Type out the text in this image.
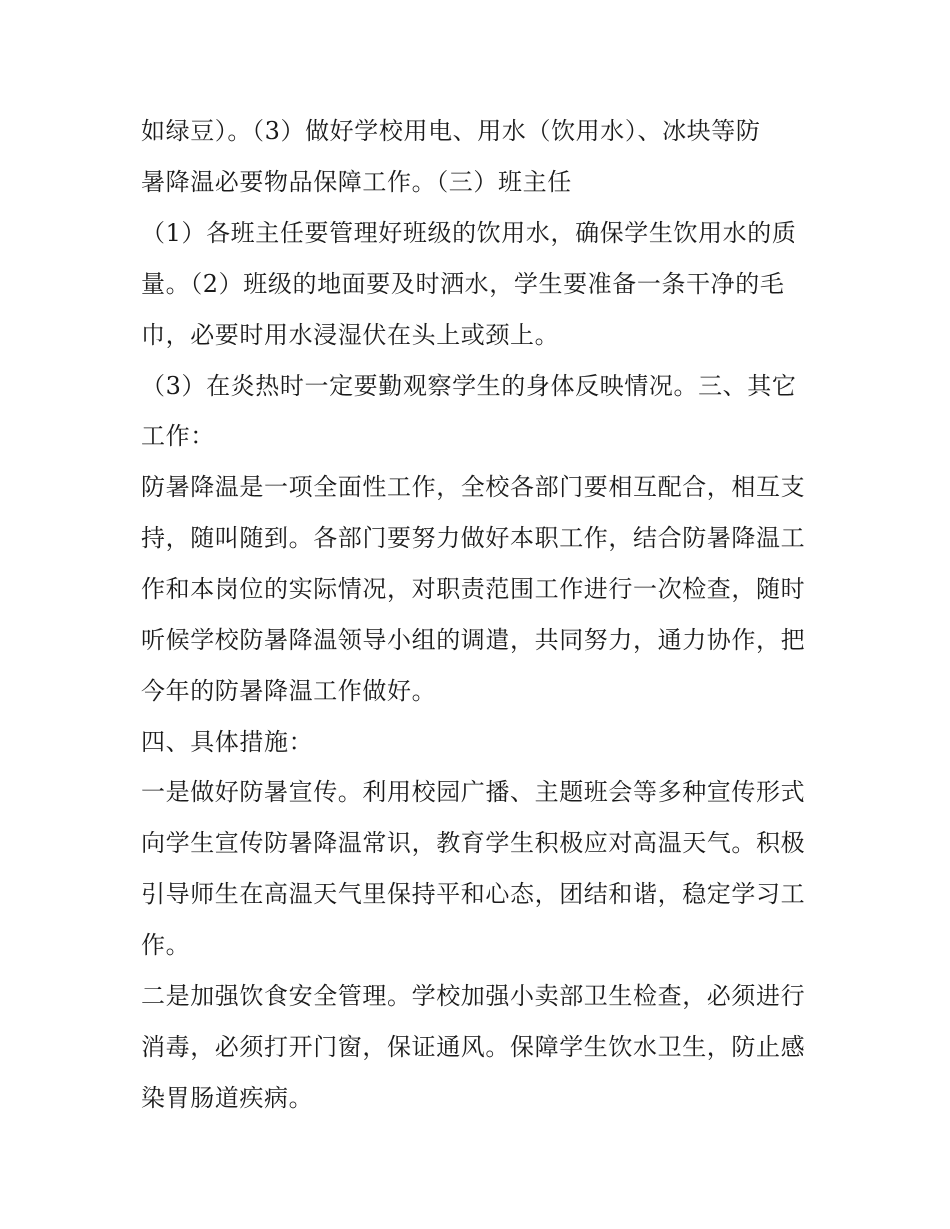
如绿豆）。（3）做好学校用电、用水（饮用水）、冰块等防
暑降温必要物品保障工作。（三）班主任
（1）各班主任要管理好班级的饮用水，确保学生饮用水的质
量。（2）班级的地面要及时洒水，学生要准备一条干净的毛
巾，必要时用水浸湿伏在头上或颈上。
（3）在炎热时一定要勤观察学生的身体反映情况。三、其它
工作：
防暑降温是一项全面性工作，全校各部门要相互配合，相互支
持，随叫随到。各部门要努力做好本职工作，结合防暑降温工
作和本岗位的实际情况，对职责范围工作进行一次检查，随时
听候学校防暑降温领导小组的调遣，共同努力，通力协作，把
今年的防暑降温工作做好。
四、具体措施：
一是做好防暑宣传。利用校园广播、主题班会等多种宣传形式
向学生宣传防暑降温常识，教育学生积极应对高温天气。积极
引导师生在高温天气里保持平和心态，团结和谐，稳定学习工
作。
二是加强饮食安全管理。学校加强小卖部卫生检查，必须进行
消毒，必须打开门窗，保证通风。保障学生饮水卫生，防止感
染胃肠道疾病。
